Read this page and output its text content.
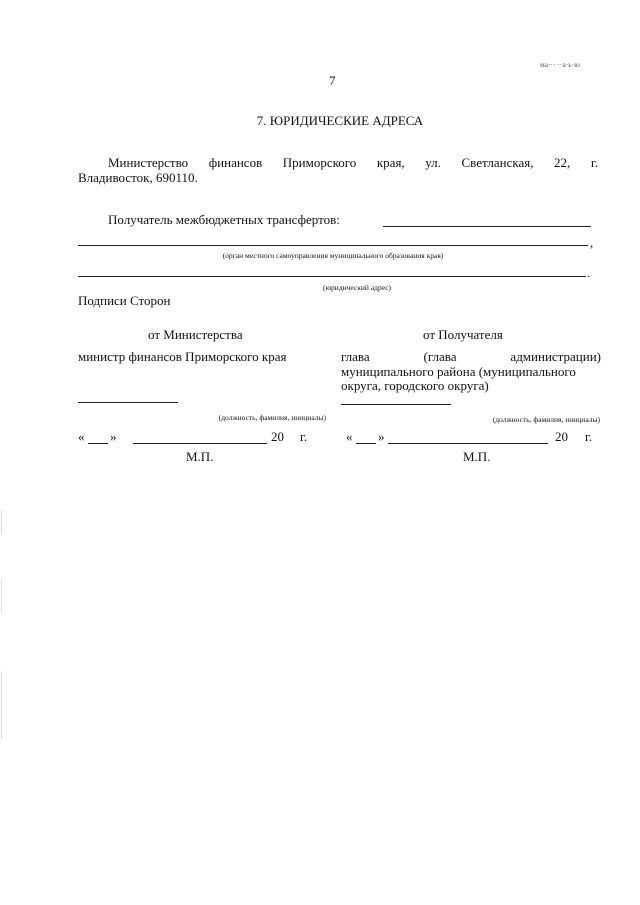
ма··· ··а·ь·ю
7
7. ЮРИДИЧЕСКИЕ АДРЕСА
Министерство финансов Приморского края, ул. Светланская, 22, г.
Владивосток, 690110.
Получатель межбюджетных трансфертов:
,
(орган местного самоуправления муниципального образования края)
.
(юридический адрес)
Подписи Сторон
от Министерства
министр финансов Приморского края
(должность, фамилия, инициалы)
« »	20 г.
М.П.
от Получателя
глава (глава администрации)
муниципального района (муниципального
округа, городского округа)
(должность, фамилия, инициалы)
« »	20 г.
М.П.
